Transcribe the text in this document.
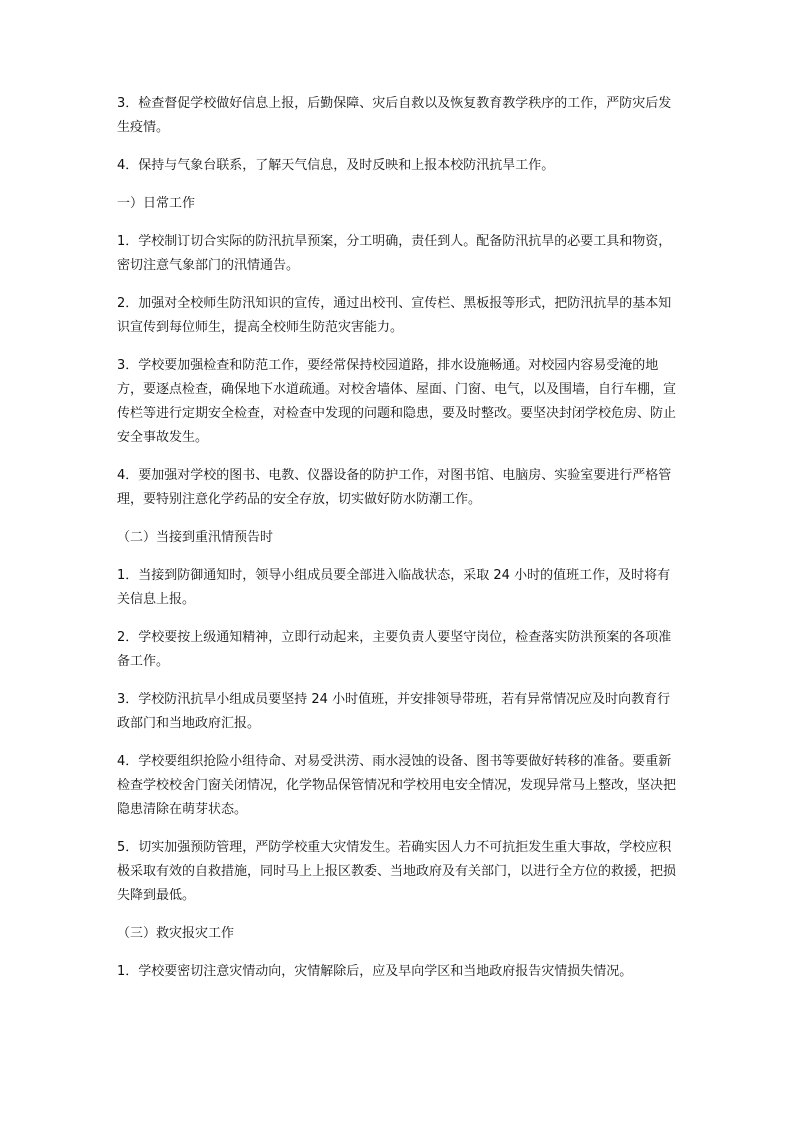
3．检查督促学校做好信息上报，后勤保障、灾后自救以及恢复教育教学秩序的工作，严防灾后发生疫情。

4．保持与气象台联系，了解天气信息，及时反映和上报本校防汛抗旱工作。

一）日常工作

1．学校制订切合实际的防汛抗旱预案，分工明确，责任到人。配备防汛抗旱的必要工具和物资，密切注意气象部门的汛情通告。

2．加强对全校师生防汛知识的宣传，通过出校刊、宣传栏、黑板报等形式，把防汛抗旱的基本知识宣传到每位师生，提高全校师生防范灾害能力。

3．学校要加强检查和防范工作，要经常保持校园道路，排水设施畅通。对校园内容易受淹的地方，要逐点检查，确保地下水道疏通。对校舍墙体、屋面、门窗、电气，以及围墙，自行车棚，宣传栏等进行定期安全检查，对检查中发现的问题和隐患，要及时整改。要坚决封闭学校危房、防止安全事故发生。

4．要加强对学校的图书、电教、仪器设备的防护工作，对图书馆、电脑房、实验室要进行严格管理，要特别注意化学药品的安全存放，切实做好防水防潮工作。

（二）当接到重汛情预告时

1．当接到防御通知时，领导小组成员要全部进入临战状态，采取 24 小时的值班工作，及时将有关信息上报。

2．学校要按上级通知精神，立即行动起来，主要负责人要坚守岗位，检查落实防洪预案的各项准备工作。

3．学校防汛抗旱小组成员要坚持 24 小时值班，并安排领导带班，若有异常情况应及时向教育行政部门和当地政府汇报。

4．学校要组织抢险小组待命、对易受洪涝、雨水浸蚀的设备、图书等要做好转移的准备。要重新检查学校校舍门窗关闭情况，化学物品保管情况和学校用电安全情况，发现异常马上整改，坚决把隐患清除在萌芽状态。

5．切实加强预防管理，严防学校重大灾情发生。若确实因人力不可抗拒发生重大事故，学校应积极采取有效的自救措施，同时马上上报区教委、当地政府及有关部门，以进行全方位的救援，把损失降到最低。

（三）救灾报灾工作

1．学校要密切注意灾情动向，灾情解除后，应及早向学区和当地政府报告灾情损失情况。
